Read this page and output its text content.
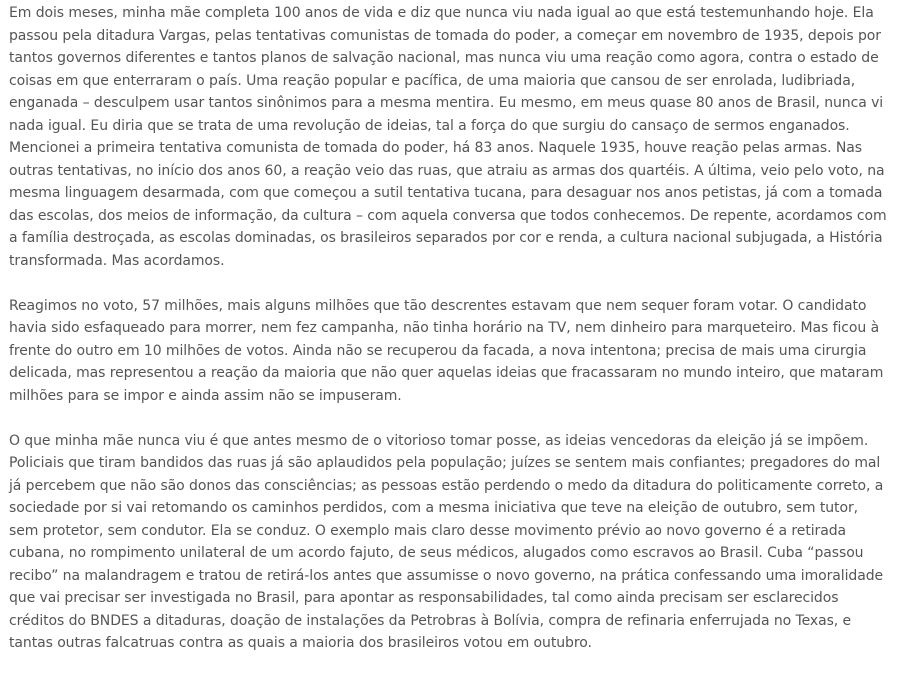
Em dois meses, minha mãe completa 100 anos de vida e diz que nunca viu nada igual ao que está testemunhando hoje. Ela passou pela ditadura Vargas, pelas tentativas comunistas de tomada do poder, a começar em novembro de 1935, depois por tantos governos diferentes e tantos planos de salvação nacional, mas nunca viu uma reação como agora, contra o estado de coisas em que enterraram o país. Uma reação popular e pacífica, de uma maioria que cansou de ser enrolada, ludibriada, enganada – desculpem usar tantos sinônimos para a mesma mentira. Eu mesmo, em meus quase 80 anos de Brasil, nunca vi nada igual. Eu diria que se trata de uma revolução de ideias, tal a força do que surgiu do cansaço de sermos enganados.

Mencionei a primeira tentativa comunista de tomada do poder, há 83 anos. Naquele 1935, houve reação pelas armas. Nas outras tentativas, no início dos anos 60, a reação veio das ruas, que atraiu as armas dos quartéis. A última, veio pelo voto, na mesma linguagem desarmada, com que começou a sutil tentativa tucana, para desaguar nos anos petistas, já com a tomada das escolas, dos meios de informação, da cultura – com aquela conversa que todos conhecemos. De repente, acordamos com a família destroçada, as escolas dominadas, os brasileiros separados por cor e renda, a cultura nacional subjugada, a História transformada. Mas acordamos.

Reagimos no voto, 57 milhões, mais alguns milhões que tão descrentes estavam que nem sequer foram votar. O candidato havia sido esfaqueado para morrer, nem fez campanha, não tinha horário na TV, nem dinheiro para marqueteiro. Mas ficou à frente do outro em 10 milhões de votos. Ainda não se recuperou da facada, a nova intentona; precisa de mais uma cirurgia delicada, mas representou a reação da maioria que não quer aquelas ideias que fracassaram no mundo inteiro, que mataram milhões para se impor e ainda assim não se impuseram.

O que minha mãe nunca viu é que antes mesmo de o vitorioso tomar posse, as ideias vencedoras da eleição já se impõem. Policiais que tiram bandidos das ruas já são aplaudidos pela população; juízes se sentem mais confiantes; pregadores do mal já percebem que não são donos das consciências; as pessoas estão perdendo o medo da ditadura do politicamente correto, a sociedade por si vai retomando os caminhos perdidos, com a mesma iniciativa que teve na eleição de outubro, sem tutor, sem protetor, sem condutor. Ela se conduz. O exemplo mais claro desse movimento prévio ao novo governo é a retirada cubana, no rompimento unilateral de um acordo fajuto, de seus médicos, alugados como escravos ao Brasil. Cuba “passou recibo” na malandragem e tratou de retirá-los antes que assumisse o novo governo, na prática confessando uma imoralidade que vai precisar ser investigada no Brasil, para apontar as responsabilidades, tal como ainda precisam ser esclarecidos créditos do BNDES a ditaduras, doação de instalações da Petrobras à Bolívia, compra de refinaria enferrujada no Texas, e tantas outras falcatruas contra as quais a maioria dos brasileiros votou em outubro.
